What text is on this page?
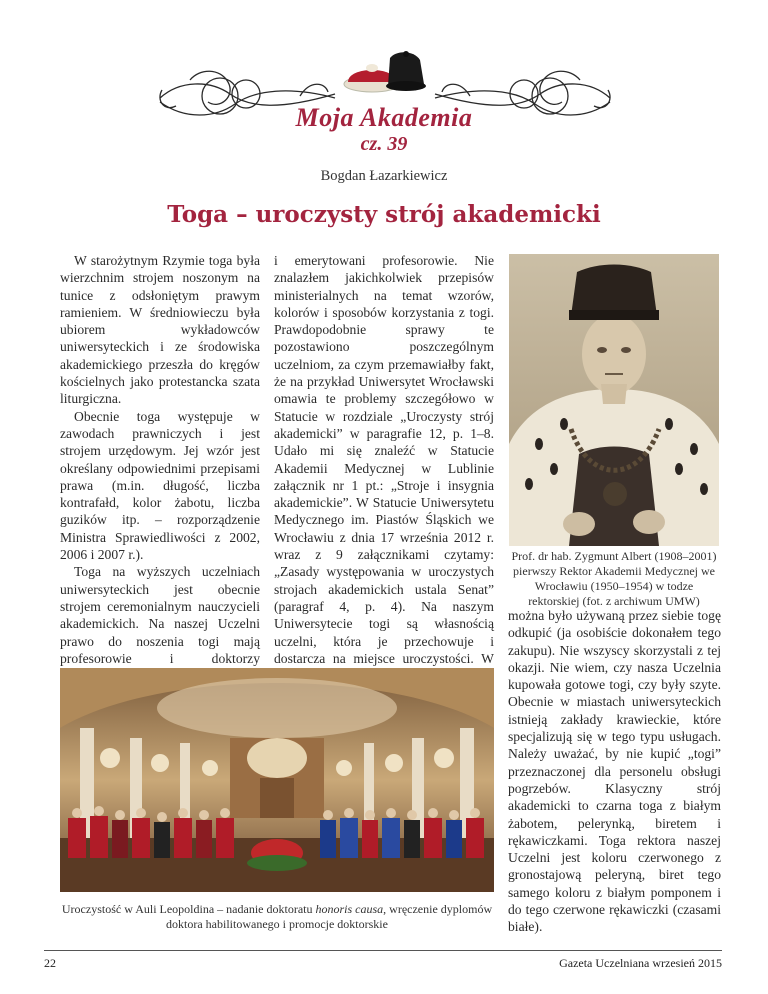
Moja Akademia
cz. 39
Bogdan Łazarkiewicz
Toga – uroczysty strój akademicki

W starożytnym Rzymie toga była wierzchnim strojem noszonym na tunice z odsłoniętym prawym ramieniem. W średniowieczu była ubiorem wykładowców uniwersyteckich i ze środowiska akademickiego przeszła do kręgów kościelnych jako protestancka szata liturgiczna.

Obecnie toga występuje w zawodach prawniczych i jest strojem urzędowym. Jej wzór jest określany odpowiednimi przepisami prawa (m.in. długość, liczba kontrafałd, kolor żabotu, liczba guzików itp. – rozporządzenie Ministra Sprawiedliwości z 2002, 2006 i 2007 r.).

Toga na wyższych uczelniach uniwersyteckich jest obecnie strojem ceremonialnym nauczycieli akademickich. Na naszej Uczelni prawo do noszenia togi mają profesorowie i doktorzy

i emerytowani profesorowie. Nie znalazłem jakichkolwiek przepisów ministerialnych na temat wzorów, kolorów i sposobów korzystania z togi. Prawdopodobnie sprawy te pozostawiono poszczególnym uczelniom, za czym przemawiałby fakt, że na przykład Uniwersytet Wrocławski omawia te problemy szczegółowo w Statucie w rozdziale „Uroczysty strój akademicki” w paragrafie 12, p. 1–8. Udało mi się znaleźć w Statucie Akademii Medycznej w Lublinie załącznik nr 1 pt.: „Stroje i insygnia akademickie”. W Statucie Uniwersytetu Medycznego im. Piastów Śląskich we Wrocławiu z dnia 17 września 2012 r. wraz z 9 załącznikami czytamy: „Zasady występowania w uroczystych strojach akademickich ustala Senat” (paragraf 4, p. 4). Na naszym Uniwersytecie togi są własnością uczelni, która je przechowuje i dostarcza na miejsce uroczystości. W

Prof. dr hab. Zygmunt Albert (1908–2001) pierwszy Rektor Akademii Medycznej we Wrocławiu (1950–1954) w todze rektorskiej (fot. z archiwum UMW)

można było używaną przez siebie togę odkupić (ja osobiście dokonałem tego zakupu). Nie wszyscy skorzystali z tej okazji. Nie wiem, czy nasza Uczelnia kupowała gotowe togi, czy były szyte. Obecnie w miastach uniwersyteckich istnieją zakłady krawieckie, które specjalizują się w tego typu usługach. Należy uważać, by nie kupić „togi” przeznaczonej dla personelu obsługi pogrzebów. Klasyczny strój akademicki to czarna toga z białym żabotem, pelerynką, biretem i rękawiczkami. Toga rektora naszej Uczelni jest koloru czerwonego z gronostajową peleryną, biret tego samego koloru z białym pomponem i do tego czerwone rękawiczki (czasami białe).

Uroczystość w Auli Leopoldina – nadanie doktoratu honoris causa, wręczenie dyplomów doktora habilitowanego i promocje doktorskie
22	Gazeta Uczelniana wrzesień 2015
